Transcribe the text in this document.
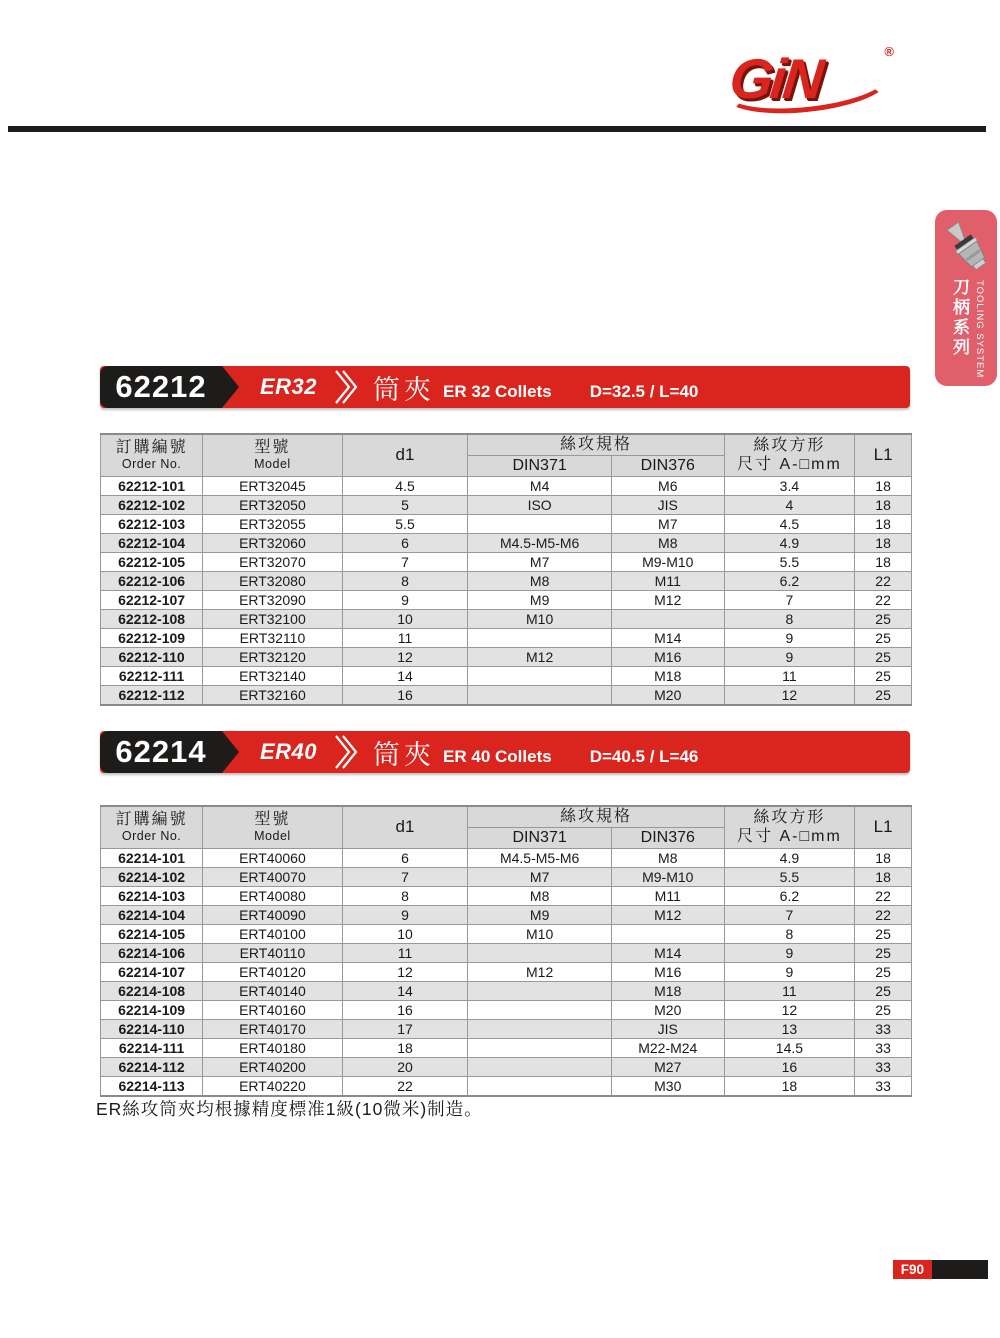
GiN	®
刀柄系列 TOOLING SYSTEM
62212	ER32 筒夾 ER 32 Collets D=32.5 / L=40
訂購編號
Order No.	型號
Model	d1	絲攻規格		絲攻方形
尺寸 A-□mm	L1
			DIN371	DIN376		
62212-101	ERT32045	4.5	M4	M6	3.4	18
62212-102	ERT32050	5	ISO	JIS	4	18
62212-103	ERT32055	5.5		M7	4.5	18
62212-104	ERT32060	6	M4.5-M5-M6	M8	4.9	18
62212-105	ERT32070	7	M7	M9-M10	5.5	18
62212-106	ERT32080	8	M8	M11	6.2	22
62212-107	ERT32090	9	M9	M12	7	22
62212-108	ERT32100	10	M10		8	25
62212-109	ERT32110	11		M14	9	25
62212-110	ERT32120	12	M12	M16	9	25
62212-111	ERT32140	14		M18	11	25
62212-112	ERT32160	16		M20	12	25
62214	ER40 筒夾 ER 40 Collets D=40.5 / L=46
訂購編號
Order No.	型號
Model	d1	絲攻規格		絲攻方形
尺寸 A-□mm	L1
			DIN371	DIN376		
62214-101	ERT40060	6	M4.5-M5-M6	M8	4.9	18
62214-102	ERT40070	7	M7	M9-M10	5.5	18
62214-103	ERT40080	8	M8	M11	6.2	22
62214-104	ERT40090	9	M9	M12	7	22
62214-105	ERT40100	10	M10		8	25
62214-106	ERT40110	11		M14	9	25
62214-107	ERT40120	12	M12	M16	9	25
62214-108	ERT40140	14		M18	11	25
62214-109	ERT40160	16		M20	12	25
62214-110	ERT40170	17		JIS	13	33
62214-111	ERT40180	18		M22-M24	14.5	33
62214-112	ERT40200	20		M27	16	33
62214-113	ERT40220	22		M30	18	33
ER絲攻筒夾均根據精度標准1級(10微米)制造。
F90
